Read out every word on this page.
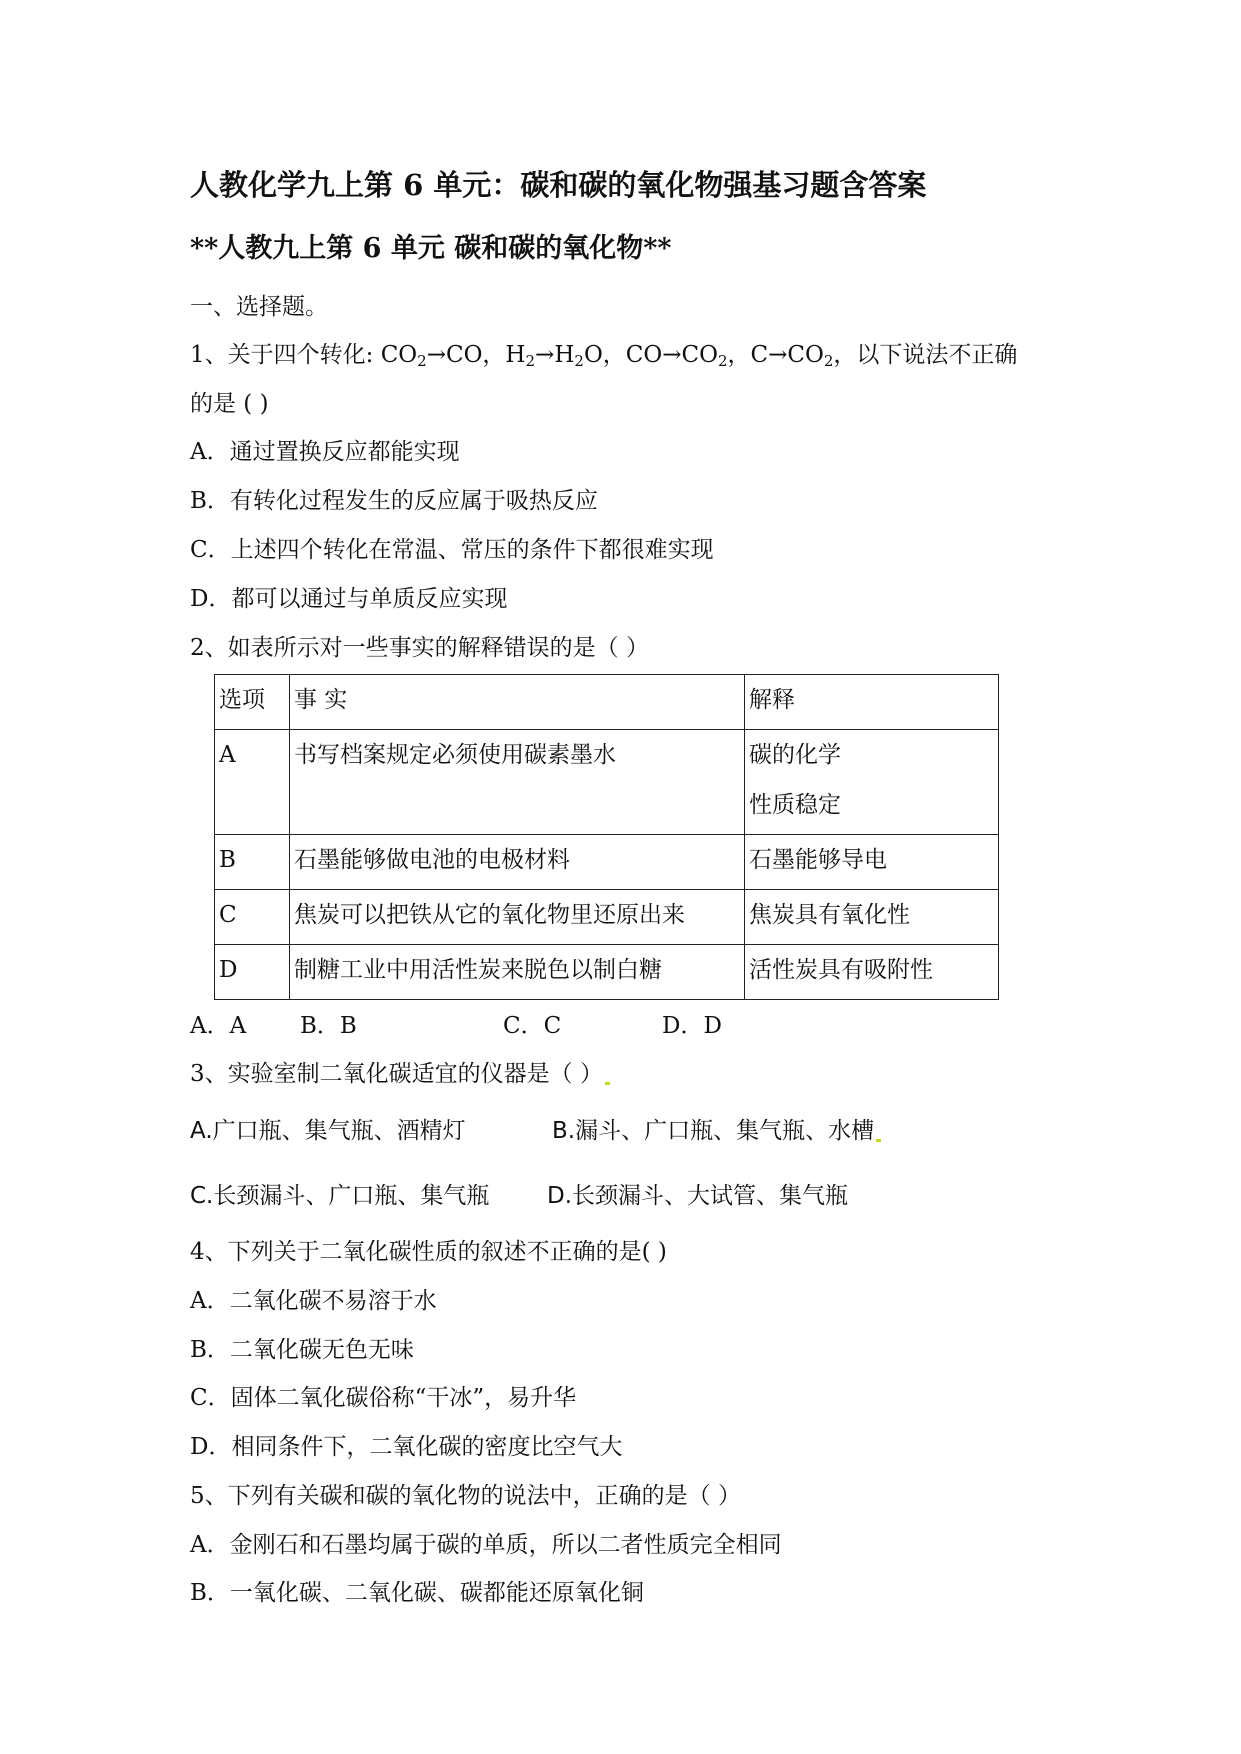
人教化学九上第 6 单元：碳和碳的氧化物强基习题含答案
**人教九上第 6 单元 碳和碳的氧化物**
一、选择题。
1、关于四个转化: $CO_2\to CO$，$H_2\to H_2O$，$CO\to CO_2$，$C\to CO_2$，以下说法不正确
的是 ( )
A．通过置换反应都能实现
B．有转化过程发生的反应属于吸热反应
C．上述四个转化在常温、常压的条件下都很难实现
D．都可以通过与单质反应实现
2、如表所示对一些事实的解释错误的是（ ）
选项	事 实	解释
A	书写档案规定必须使用碳素墨水	碳的化学
性质稳定

B	石墨能够做电池的电极材料	石墨能够导电
C	焦炭可以把铁从它的氧化物里还原出来	焦炭具有氧化性
D	制糖工业中用活性炭来脱色以制白糖	活性炭具有吸附性
A．A B．B	C．C	D．D
3、实验室制二氧化碳适宜的仪器是（ ）
A.广口瓶、集气瓶、酒精灯	B.漏斗、广口瓶、集气瓶、水槽
C.长颈漏斗、广口瓶、集气瓶	D.长颈漏斗、大试管、集气瓶
4、下列关于二氧化碳性质的叙述不正确的是( )
A．二氧化碳不易溶于水
B．二氧化碳无色无味
C．固体二氧化碳俗称“干冰”，易升华
D．相同条件下，二氧化碳的密度比空气大
5、下列有关碳和碳的氧化物的说法中，正确的是（ ）
A．金刚石和石墨均属于碳的单质，所以二者性质完全相同
B．一氧化碳、二氧化碳、碳都能还原氧化铜
